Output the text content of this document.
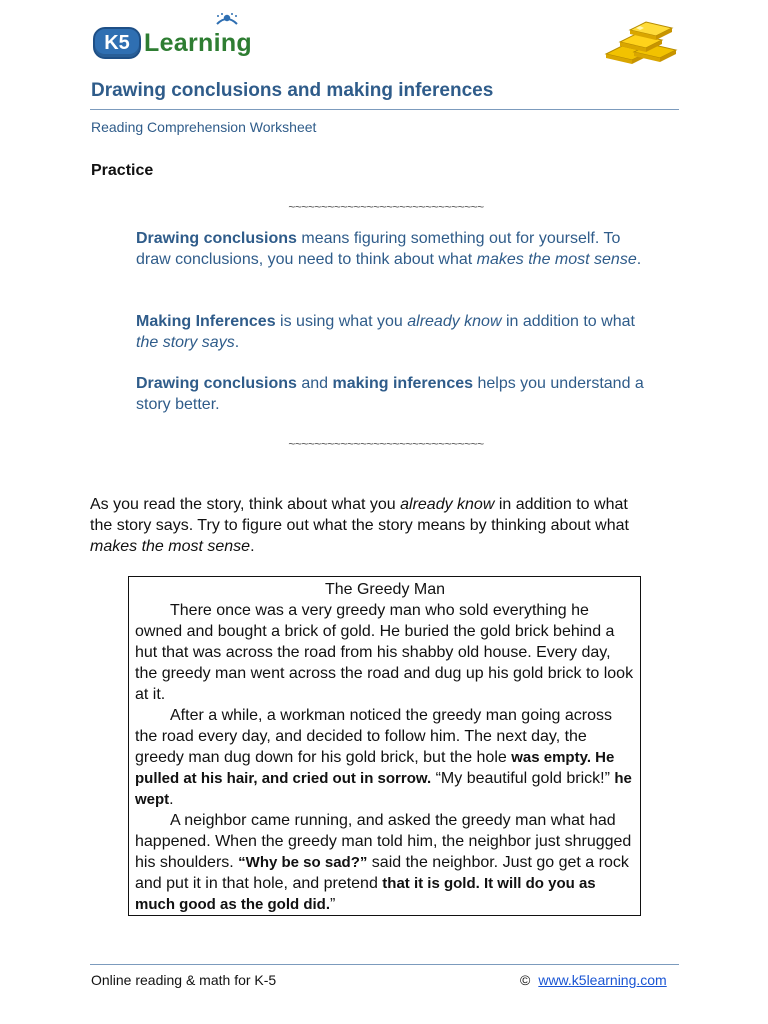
K5 Learning
Drawing conclusions and making inferences
Reading Comprehension Worksheet
Practice
~~~~~~~~~~~~~~~~~~~~~~~~~~~~~~
Drawing conclusions means figuring something out for yourself. To draw conclusions, you need to think about what makes the most sense.
Making Inferences is using what you already know in addition to what the story says.
Drawing conclusions and making inferences helps you understand a story better.
~~~~~~~~~~~~~~~~~~~~~~~~~~~~~~
As you read the story, think about what you already know in addition to what the story says. Try to figure out what the story means by thinking about what makes the most sense.
The Greedy Man

There once was a very greedy man who sold everything he owned and bought a brick of gold. He buried the gold brick behind a hut that was across the road from his shabby old house. Every day, the greedy man went across the road and dug up his gold brick to look at it.

After a while, a workman noticed the greedy man going across the road every day, and decided to follow him. The next day, the greedy man dug down for his gold brick, but the hole was empty. He pulled at his hair, and cried out in sorrow. “My beautiful gold brick!” he wept.

A neighbor came running, and asked the greedy man what had happened. When the greedy man told him, the neighbor just shrugged his shoulders. “Why be so sad?” said the neighbor. Just go get a rock and put it in that hole, and pretend that it is gold. It will do you as much good as the gold did.”

Online reading & math for K-5	© www.k5learning.com
